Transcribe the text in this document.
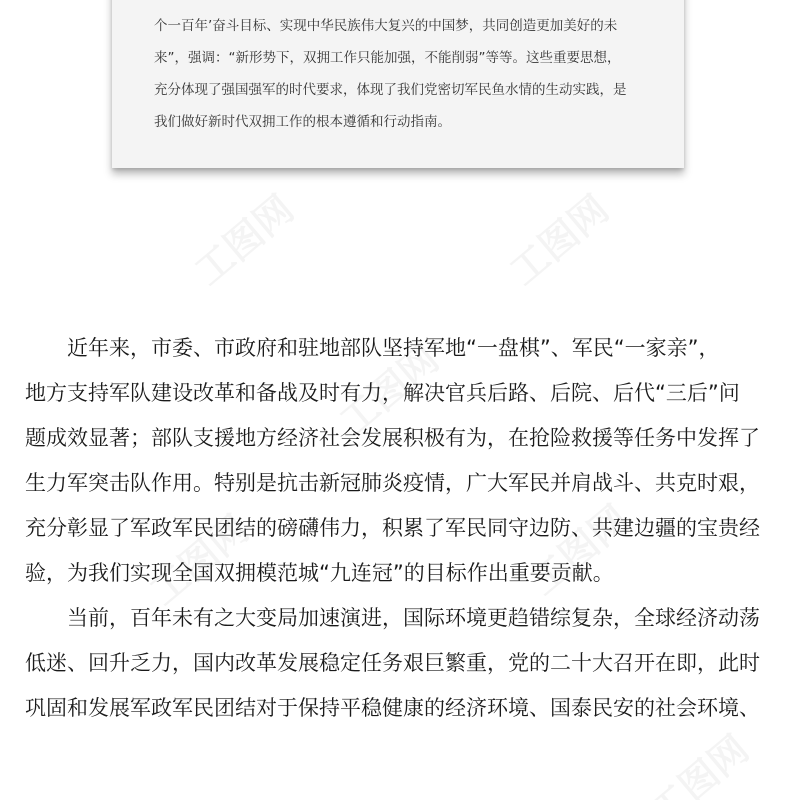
个一百年’奋斗目标、实现中华民族伟大复兴的中国梦，共同创造更加美好的未
来”，强调：“新形势下，双拥工作只能加强，不能削弱”等等。这些重要思想，
充分体现了强国强军的时代要求，体现了我们党密切军民鱼水情的生动实践，是
我们做好新时代双拥工作的根本遵循和行动指南。

近年来，市委、市政府和驻地部队坚持军地“一盘棋”、军民“一家亲”，
地方支持军队建设改革和备战及时有力，解决官兵后路、后院、后代“三后”问
题成效显著；部队支援地方经济社会发展积极有为，在抢险救援等任务中发挥了
生力军突击队作用。特别是抗击新冠肺炎疫情，广大军民并肩战斗、共克时艰，
充分彰显了军政军民团结的磅礴伟力，积累了军民同守边防、共建边疆的宝贵经
验，为我们实现全国双拥模范城“九连冠”的目标作出重要贡献。

当前，百年未有之大变局加速演进，国际环境更趋错综复杂，全球经济动荡
低迷、回升乏力，国内改革发展稳定任务艰巨繁重，党的二十大召开在即，此时
巩固和发展军政军民团结对于保持平稳健康的经济环境、国泰民安的社会环境、
